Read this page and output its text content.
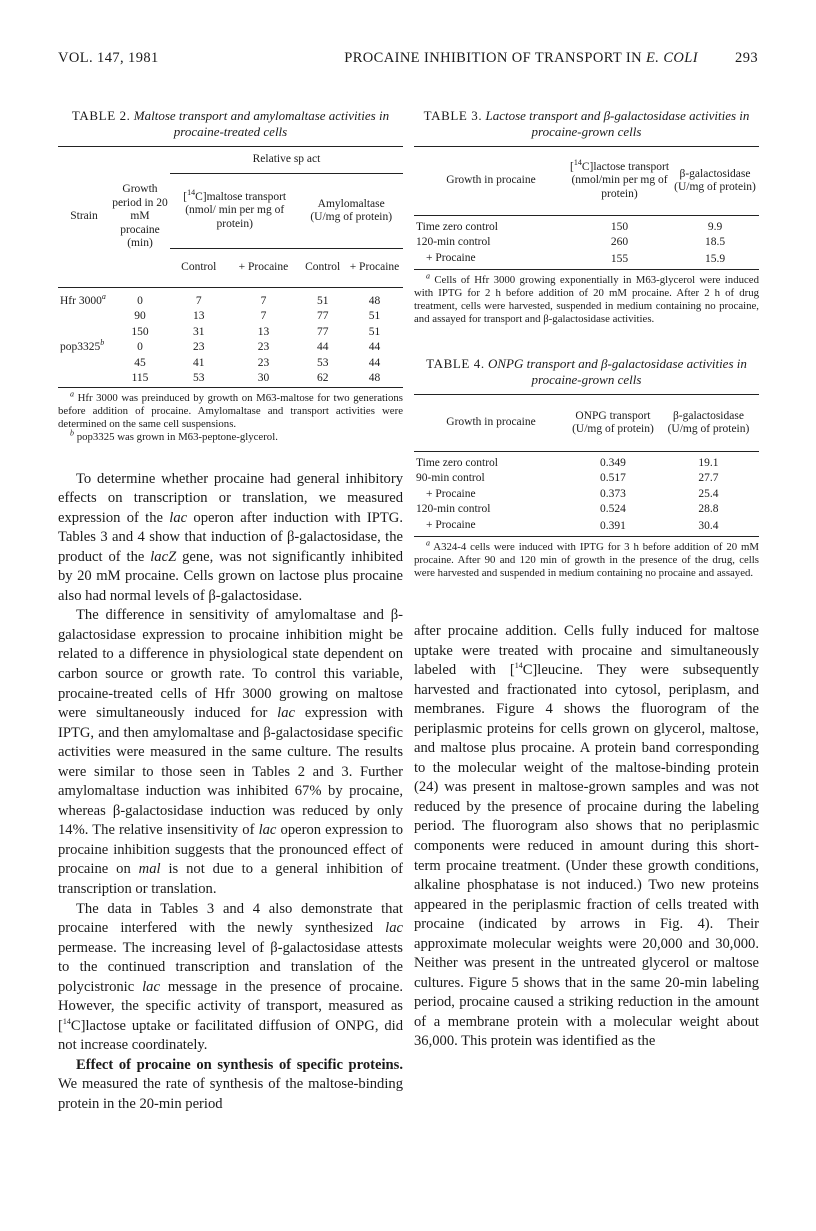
VOL. 147, 1981	PROCAINE INHIBITION OF TRANSPORT IN E. COLI	293
TABLE 2. Maltose transport and amylomaltase activities in procaine-treated cells
Strain	Growth period in 20 mM procaine (min)	Relative sp act			
		[$^{14}$C]maltose transport (nmol/ min per mg of protein)		Amylomaltase (U/mg of protein)	
		Control	+ Procaine	Control	+ Procaine

Hfr 3000$^a$	0	7	7	51	48
	90	13	7	77	51
	150	31	13	77	51
pop3325$^b$	0	23	23	44	44
	45	41	23	53	44
	115	53	30	62	48

$^a$ Hfr 3000 was preinduced by growth on M63-maltose for two generations before addition of procaine. Amylomaltase and transport activities were determined on the same cell suspensions.

$^b$ pop3325 was grown in M63-peptone-glycerol.

To determine whether procaine had general inhibitory effects on transcription or translation, we measured expression of the lac operon after induction with IPTG. Tables 3 and 4 show that induction of β-galactosidase, the product of the lacZ gene, was not significantly inhibited by 20 mM procaine. Cells grown on lactose plus procaine also had normal levels of β-galactosidase.

The difference in sensitivity of amylomaltase and β-galactosidase expression to procaine inhibition might be related to a difference in physiological state dependent on carbon source or growth rate. To control this variable, procaine-treated cells of Hfr 3000 growing on maltose were simultaneously induced for lac expression with IPTG, and then amylomaltase and β-galactosidase specific activities were measured in the same culture. The results were similar to those seen in Tables 2 and 3. Further amylomaltase induction was inhibited 67% by procaine, whereas β-galactosidase induction was reduced by only 14%. The relative insensitivity of lac operon expression to procaine inhibition suggests that the pronounced effect of procaine on mal is not due to a general inhibition of transcription or translation.

The data in Tables 3 and 4 also demonstrate that procaine interfered with the newly synthesized lac permease. The increasing level of β-galactosidase attests to the continued transcription and translation of the polycistronic lac message in the presence of procaine. However, the specific activity of transport, measured as [$^{14}$C]lactose uptake or facilitated diffusion of ONPG, did not increase coordinately.

Effect of procaine on synthesis of specific proteins. We measured the rate of synthesis of the maltose-binding protein in the 20-min period

TABLE 3. Lactose transport and β-galactosidase activities in procaine-grown cells
Growth in procaine	[$^{14}$C]lactose transport (nmol/min per mg of protein)	β-galactosidase (U/mg of protein)

Time zero control	150	9.9
120-min control	260	18.5
+ Procaine	155	15.9

$^a$ Cells of Hfr 3000 growing exponentially in M63-glycerol were induced with IPTG for 2 h before addition of 20 mM procaine. After 2 h of drug treatment, cells were harvested, suspended in medium containing no procaine, and assayed for transport and β-galactosidase activities.

TABLE 4. ONPG transport and β-galactosidase activities in procaine-grown cells
Growth in procaine	ONPG transport (U/mg of protein)	β-galactosidase (U/mg of protein)

Time zero control	0.349	19.1
90-min control	0.517	27.7
+ Procaine	0.373	25.4
120-min control	0.524	28.8
+ Procaine	0.391	30.4

$^a$ A324-4 cells were induced with IPTG for 3 h before addition of 20 mM procaine. After 90 and 120 min of growth in the presence of the drug, cells were harvested and suspended in medium containing no procaine and assayed.

after procaine addition. Cells fully induced for maltose uptake were treated with procaine and simultaneously labeled with [$^{14}$C]leucine. They were subsequently harvested and fractionated into cytosol, periplasm, and membranes. Figure 4 shows the fluorogram of the periplasmic proteins for cells grown on glycerol, maltose, and maltose plus procaine. A protein band corresponding to the molecular weight of the maltose-binding protein (24) was present in maltose-grown samples and was not reduced by the presence of procaine during the labeling period. The fluorogram also shows that no periplasmic components were reduced in amount during this short-term procaine treatment. (Under these growth conditions, alkaline phosphatase is not induced.) Two new proteins appeared in the periplasmic fraction of cells treated with procaine (indicated by arrows in Fig. 4). Their approximate molecular weights were 20,000 and 30,000. Neither was present in the untreated glycerol or maltose cultures. Figure 5 shows that in the same 20-min labeling period, procaine caused a striking reduction in the amount of a membrane protein with a molecular weight about 36,000. This protein was identified as the
